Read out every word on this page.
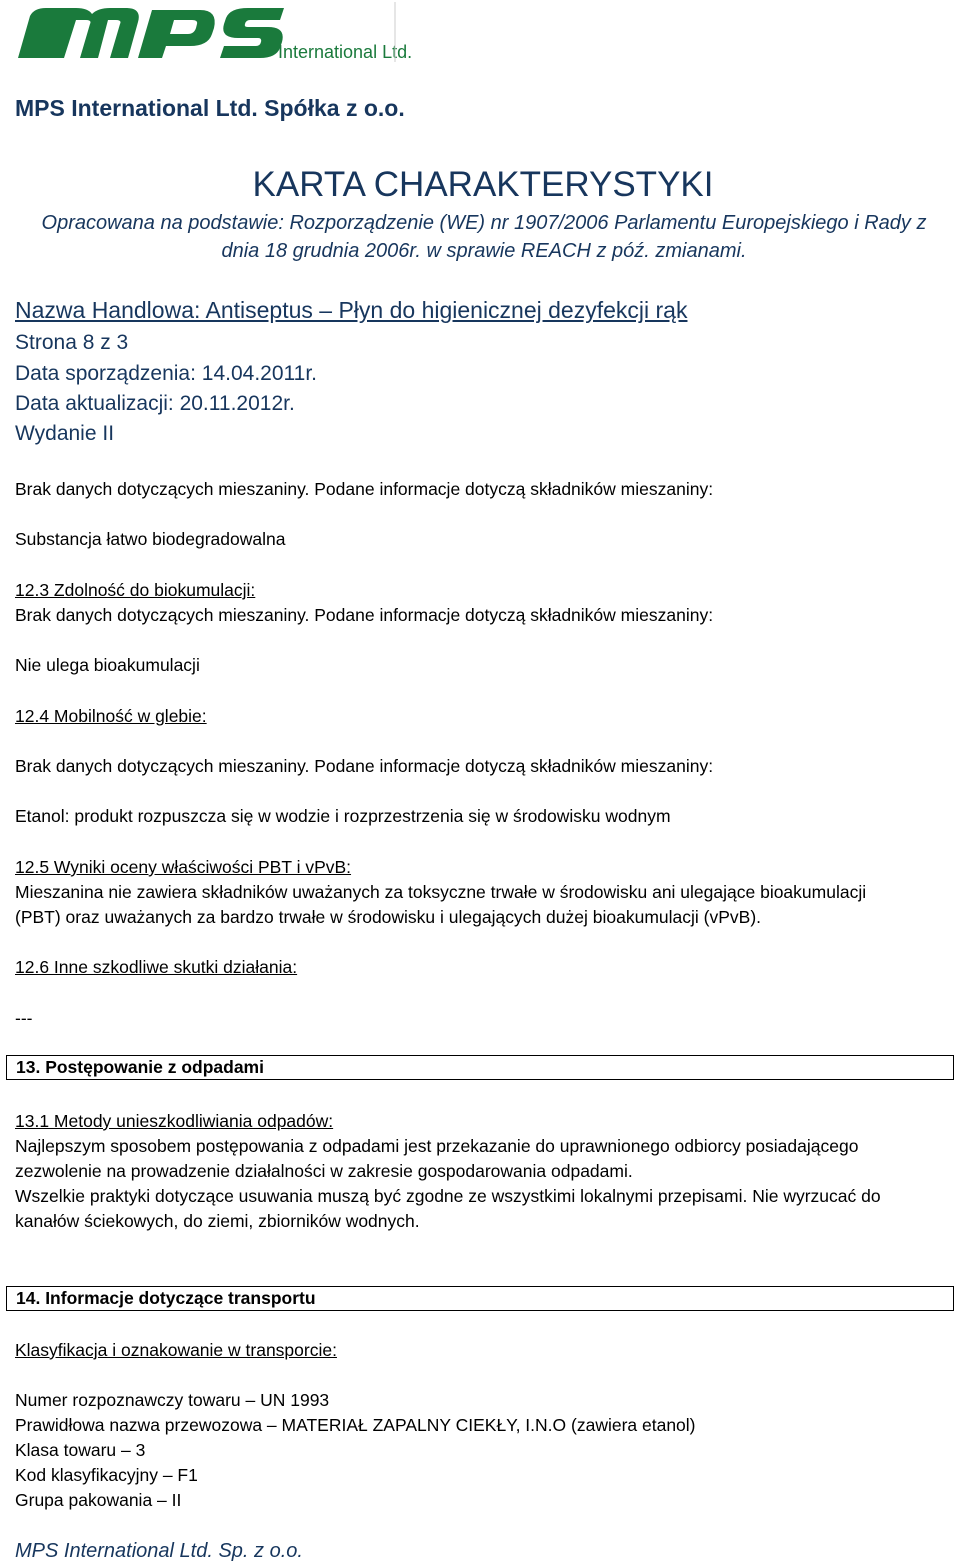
International Ltd.
MPS International Ltd. Spółka z o.o.
KARTA CHARAKTERYSTYKI
Opracowana na podstawie: Rozporządzenie (WE) nr 1907/2006 Parlamentu Europejskiego i Rady z
dnia 18 grudnia 2006r. w sprawie REACH z póź. zmianami.
Nazwa Handlowa: Antiseptus – Płyn do higienicznej dezyfekcji rąk
Strona 8 z 3
Data sporządzenia: 14.04.2011r.
Data aktualizacji: 20.11.2012r.
Wydanie II
Brak danych dotyczących mieszaniny. Podane informacje dotyczą składników mieszaniny:
Substancja łatwo biodegradowalna
12.3 Zdolność do biokumulacji:
Brak danych dotyczących mieszaniny. Podane informacje dotyczą składników mieszaniny:
Nie ulega bioakumulacji
12.4 Mobilność w glebie:
Brak danych dotyczących mieszaniny. Podane informacje dotyczą składników mieszaniny:
Etanol: produkt rozpuszcza się w wodzie i rozprzestrzenia się w środowisku wodnym
12.5 Wyniki oceny właściwości PBT i vPvB:
Mieszanina nie zawiera składników uważanych za toksyczne trwałe w środowisku ani ulegające bioakumulacji
(PBT) oraz uważanych za bardzo trwałe w środowisku i ulegających dużej bioakumulacji (vPvB).
12.6 Inne szkodliwe skutki działania:
---
13. Postępowanie z odpadami
13.1 Metody unieszkodliwiania odpadów:
Najlepszym sposobem postępowania z odpadami jest przekazanie do uprawnionego odbiorcy posiadającego
zezwolenie na prowadzenie działalności w zakresie gospodarowania odpadami.
Wszelkie praktyki dotyczące usuwania muszą być zgodne ze wszystkimi lokalnymi przepisami. Nie wyrzucać do
kanałów ściekowych, do ziemi, zbiorników wodnych.
14. Informacje dotyczące transportu
Klasyfikacja i oznakowanie w transporcie:
Numer rozpoznawczy towaru – UN 1993
Prawidłowa nazwa przewozowa – MATERIAŁ ZAPALNY CIEKŁY, I.N.O (zawiera etanol)
Klasa towaru – 3
Kod klasyfikacyjny – F1
Grupa pakowania – II
MPS International Ltd. Sp. z o.o.
